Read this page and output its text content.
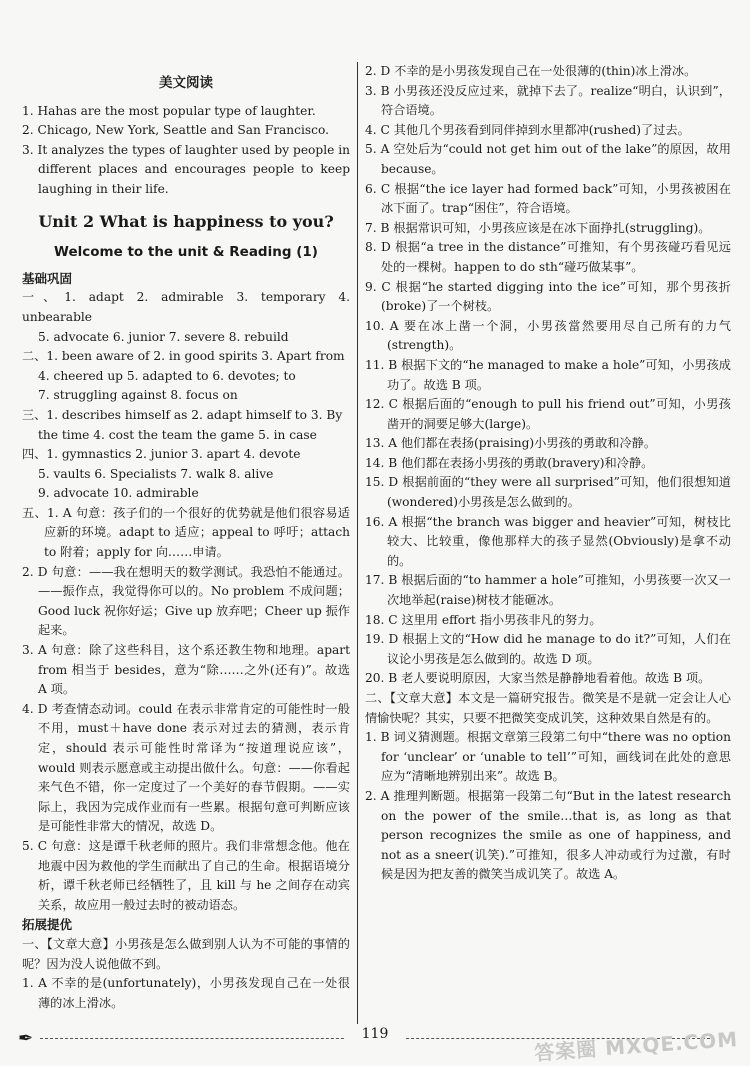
美文阅读

1. Hahas are the most popular type of laughter.

2. Chicago, New York, Seattle and San Francisco.

3. It analyzes the types of laughter used by people in different places and encourages people to keep laughing in their life.

Unit 2 What is happiness to you?
Welcome to the unit & Reading (1)
基础巩固

一、1. adapt 2. admirable 3. temporary 4. unbearable

5. advocate 6. junior 7. severe 8. rebuild

二、1. been aware of 2. in good spirits 3. Apart from

4. cheered up 5. adapted to 6. devotes; to

7. struggling against 8. focus on

三、1. describes himself as 2. adapt himself to 3. By

the time 4. cost the team the game 5. in case

四、1. gymnastics 2. junior 3. apart 4. devote

5. vaults 6. Specialists 7. walk 8. alive

9. advocate 10. admirable

五、1. A 句意：孩子们的一个很好的优势就是他们很容易适应新的环境。adapt to 适应；appeal to 呼吁；attach to 附着；apply for 向……申请。

2. D 句意：——我在想明天的数学测试。我恐怕不能通过。——振作点，我觉得你可以的。No problem 不成问题；Good luck 祝你好运；Give up 放弃吧；Cheer up 振作起来。

3. A 句意：除了这些科目，这个系还教生物和地理。apart from 相当于 besides，意为“除……之外(还有)”。故选 A 项。

4. D 考查情态动词。could 在表示非常肯定的可能性时一般不用，must＋have done 表示对过去的猜测，表示肯定，should 表示可能性时常译为“按道理说应该”，would 则表示愿意或主动提出做什么。句意：——你看起来气色不错，你一定度过了一个美好的春节假期。——实际上，我因为完成作业而有一些累。根据句意可判断应该是可能性非常大的情况，故选 D。

5. C 句意：这是谭千秋老师的照片。我们非常想念他。他在地震中因为救他的学生而献出了自己的生命。根据语境分析，谭千秋老师已经牺牲了，且 kill 与 he 之间存在动宾关系，故应用一般过去时的被动语态。

拓展提优

一、【文章大意】小男孩是怎么做到别人认为不可能的事情的呢？因为没人说他做不到。

1. A 不幸的是(unfortunately)，小男孩发现自己在一处很薄的冰上滑冰。

2. D 不幸的是小男孩发现自己在一处很薄的(thin)冰上滑冰。

3. B 小男孩还没反应过来，就掉下去了。realize“明白，认识到”，符合语境。

4. C 其他几个男孩看到同伴掉到水里都冲(rushed)了过去。

5. A 空处后为“could not get him out of the lake”的原因，故用 because。

6. C 根据“the ice layer had formed back”可知，小男孩被困在冰下面了。trap“困住”，符合语境。

7. B 根据常识可知，小男孩应该是在冰下面挣扎(struggling)。

8. D 根据“a tree in the distance”可推知，有个男孩碰巧看见远处的一棵树。happen to do sth“碰巧做某事”。

9. C 根据“he started digging into the ice”可知，那个男孩折(broke)了一个树枝。

10. A 要在冰上凿一个洞，小男孩當然要用尽自己所有的力气(strength)。

11. B 根据下文的“he managed to make a hole”可知，小男孩成功了。故选 B 项。

12. C 根据后面的“enough to pull his friend out”可知，小男孩凿开的洞要足够大(large)。

13. A 他们都在表扬(praising)小男孩的勇敢和冷静。

14. B 他们都在表扬小男孩的勇敢(bravery)和冷静。

15. D 根据前面的“they were all surprised”可知，他们很想知道(wondered)小男孩是怎么做到的。

16. A 根据“the branch was bigger and heavier”可知，树枝比较大、比较重，像他那样大的孩子显然(Obviously)是拿不动的。

17. B 根据后面的“to hammer a hole”可推知，小男孩要一次又一次地举起(raise)树枝才能砸冰。

18. C 这里用 effort 指小男孩非凡的努力。

19. D 根据上文的“How did he manage to do it?”可知，人们在议论小男孩是怎么做到的。故选 D 项。

20. B 老人要说明原因，大家当然是静静地看着他。故选 B 项。

二、【文章大意】本文是一篇研究报告。微笑是不是就一定会让人心情愉快呢？其实，只要不把微笑变成讥笑，这种效果自然是有的。

1. B 词义猜测题。根据文章第三段第二句中“there was no option for ‘unclear’ or ‘unable to tell’”可知，画线词在此处的意思应为“清晰地辨别出来”。故选 B。

2. A 推理判断题。根据第一段第二句“But in the latest research on the power of the smile…that is, as long as that person recognizes the smile as one of happiness, and not as a sneer(讥笑).”可推知，很多人冲动或行为过激，有时候是因为把友善的微笑当成讥笑了。故选 A。

✒	119	答案圈 MXQE.COM
